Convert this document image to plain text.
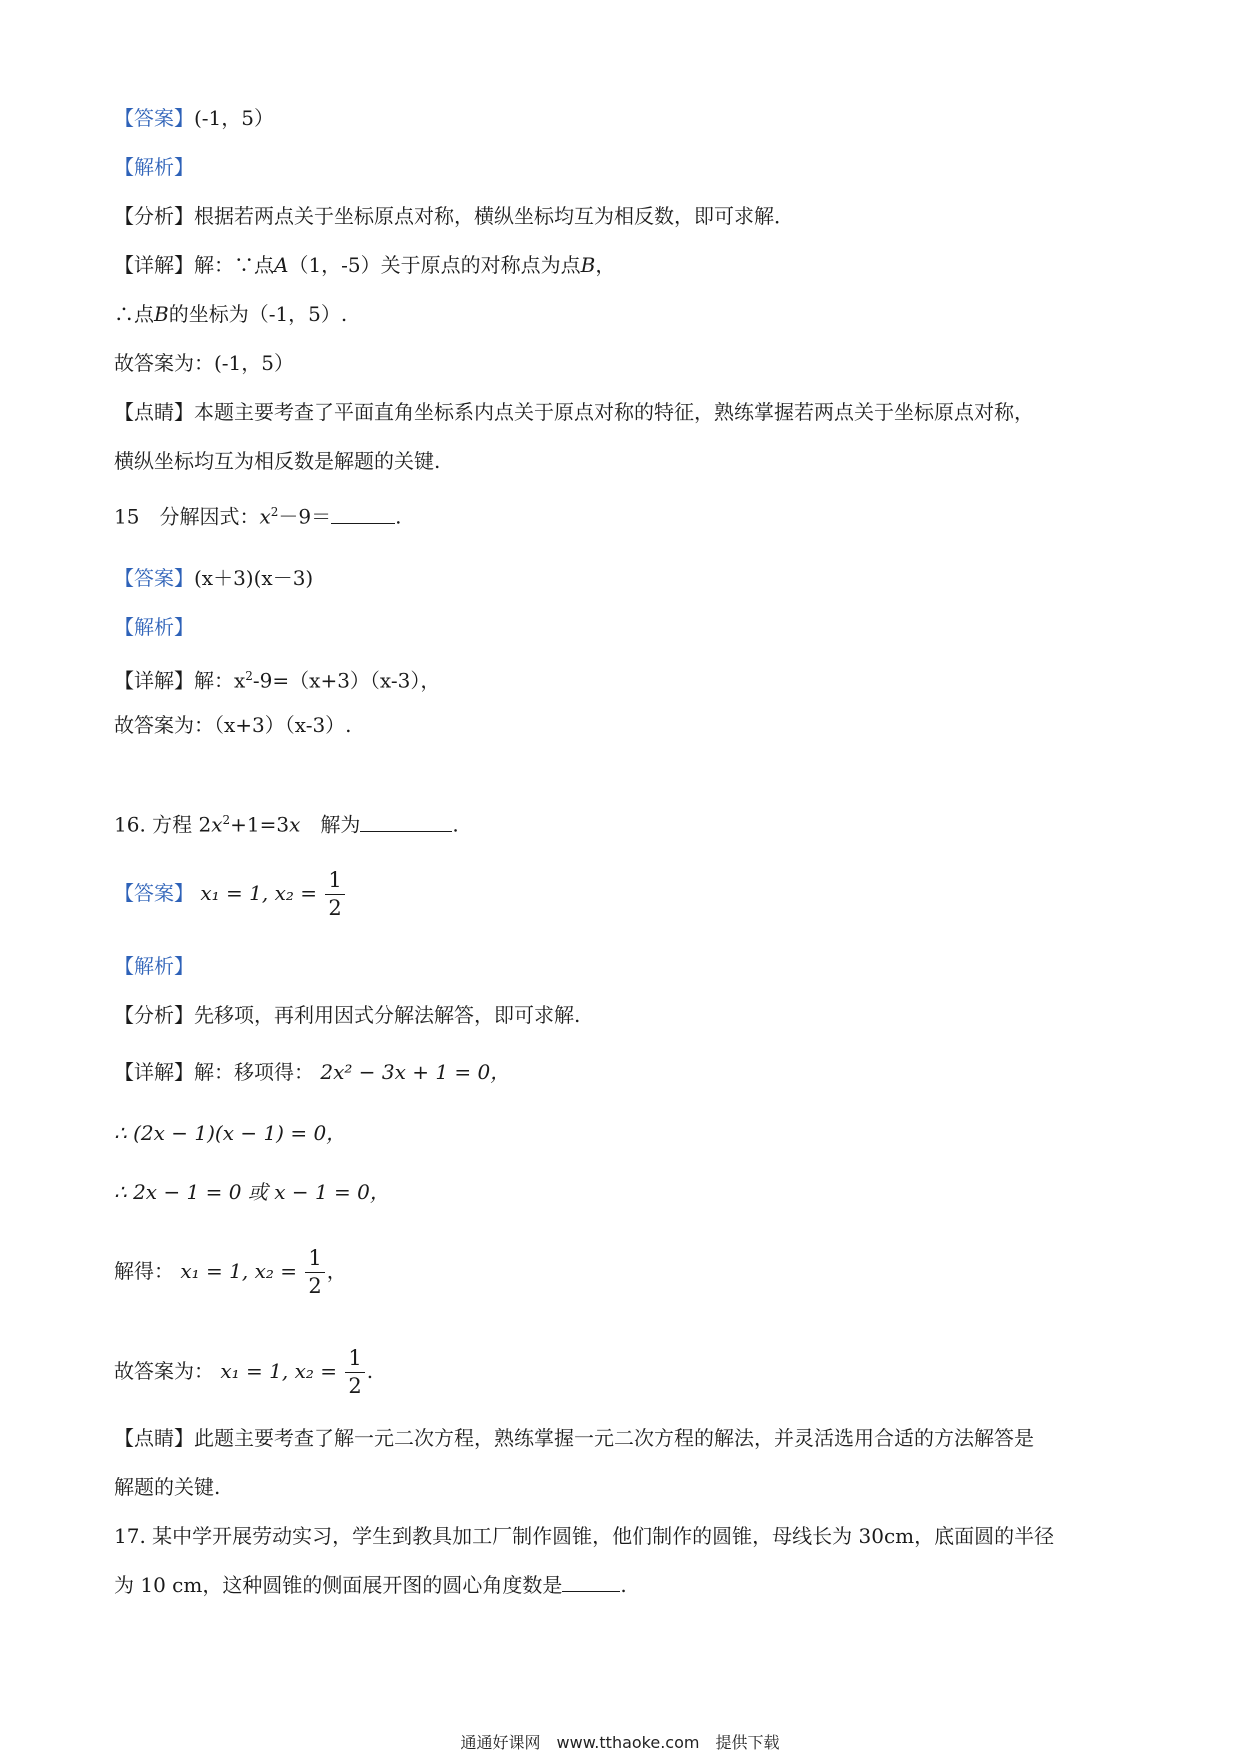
【答案】(-1，5）
【解析】
【分析】根据若两点关于坐标原点对称，横纵坐标均互为相反数，即可求解．
【详解】解：∵点A（1，-5）关于原点的对称点为点B，
∴点B的坐标为（-1，5）.
故答案为：(-1，5）
【点睛】本题主要考查了平面直角坐标系内点关于原点对称的特征，熟练掌握若两点关于坐标原点对称，
横纵坐标均互为相反数是解题的关键.
15　分解因式：$x^2-9=$	.
【答案】(x＋3)(x－3)
【解析】
【详解】解：$x^2-9=(x+3)(x-3)$，
故答案为：（x+3）（x-3）.
16. 方程 $2x^2+1=3x$　解为	.
【答案】 x₁ = 1, $x_2 = \frac{1}{2}$
【解析】
【分析】先移项，再利用因式分解法解答，即可求解.
【详解】解：移项得： 2x² − 3x + 1 = 0，
∴ (2x − 1)(x − 1) = 0，
∴ 2x − 1 = 0 或 x − 1 = 0，
解得： x₁ = 1, $x_2 = \frac{1}{2}$ ，
故答案为： x₁ = 1, $x_2 = \frac{1}{2}$ .
【点睛】此题主要考查了解一元二次方程，熟练掌握一元二次方程的解法，并灵活选用合适的方法解答是
解题的关键.
17. 某中学开展劳动实习，学生到教具加工厂制作圆锥，他们制作的圆锥，母线长为 30cm，底面圆的半径
为 10 cm，这种圆锥的侧面展开图的圆心角度数是	.
通通好课网　www.tthaoke.com　提供下载
